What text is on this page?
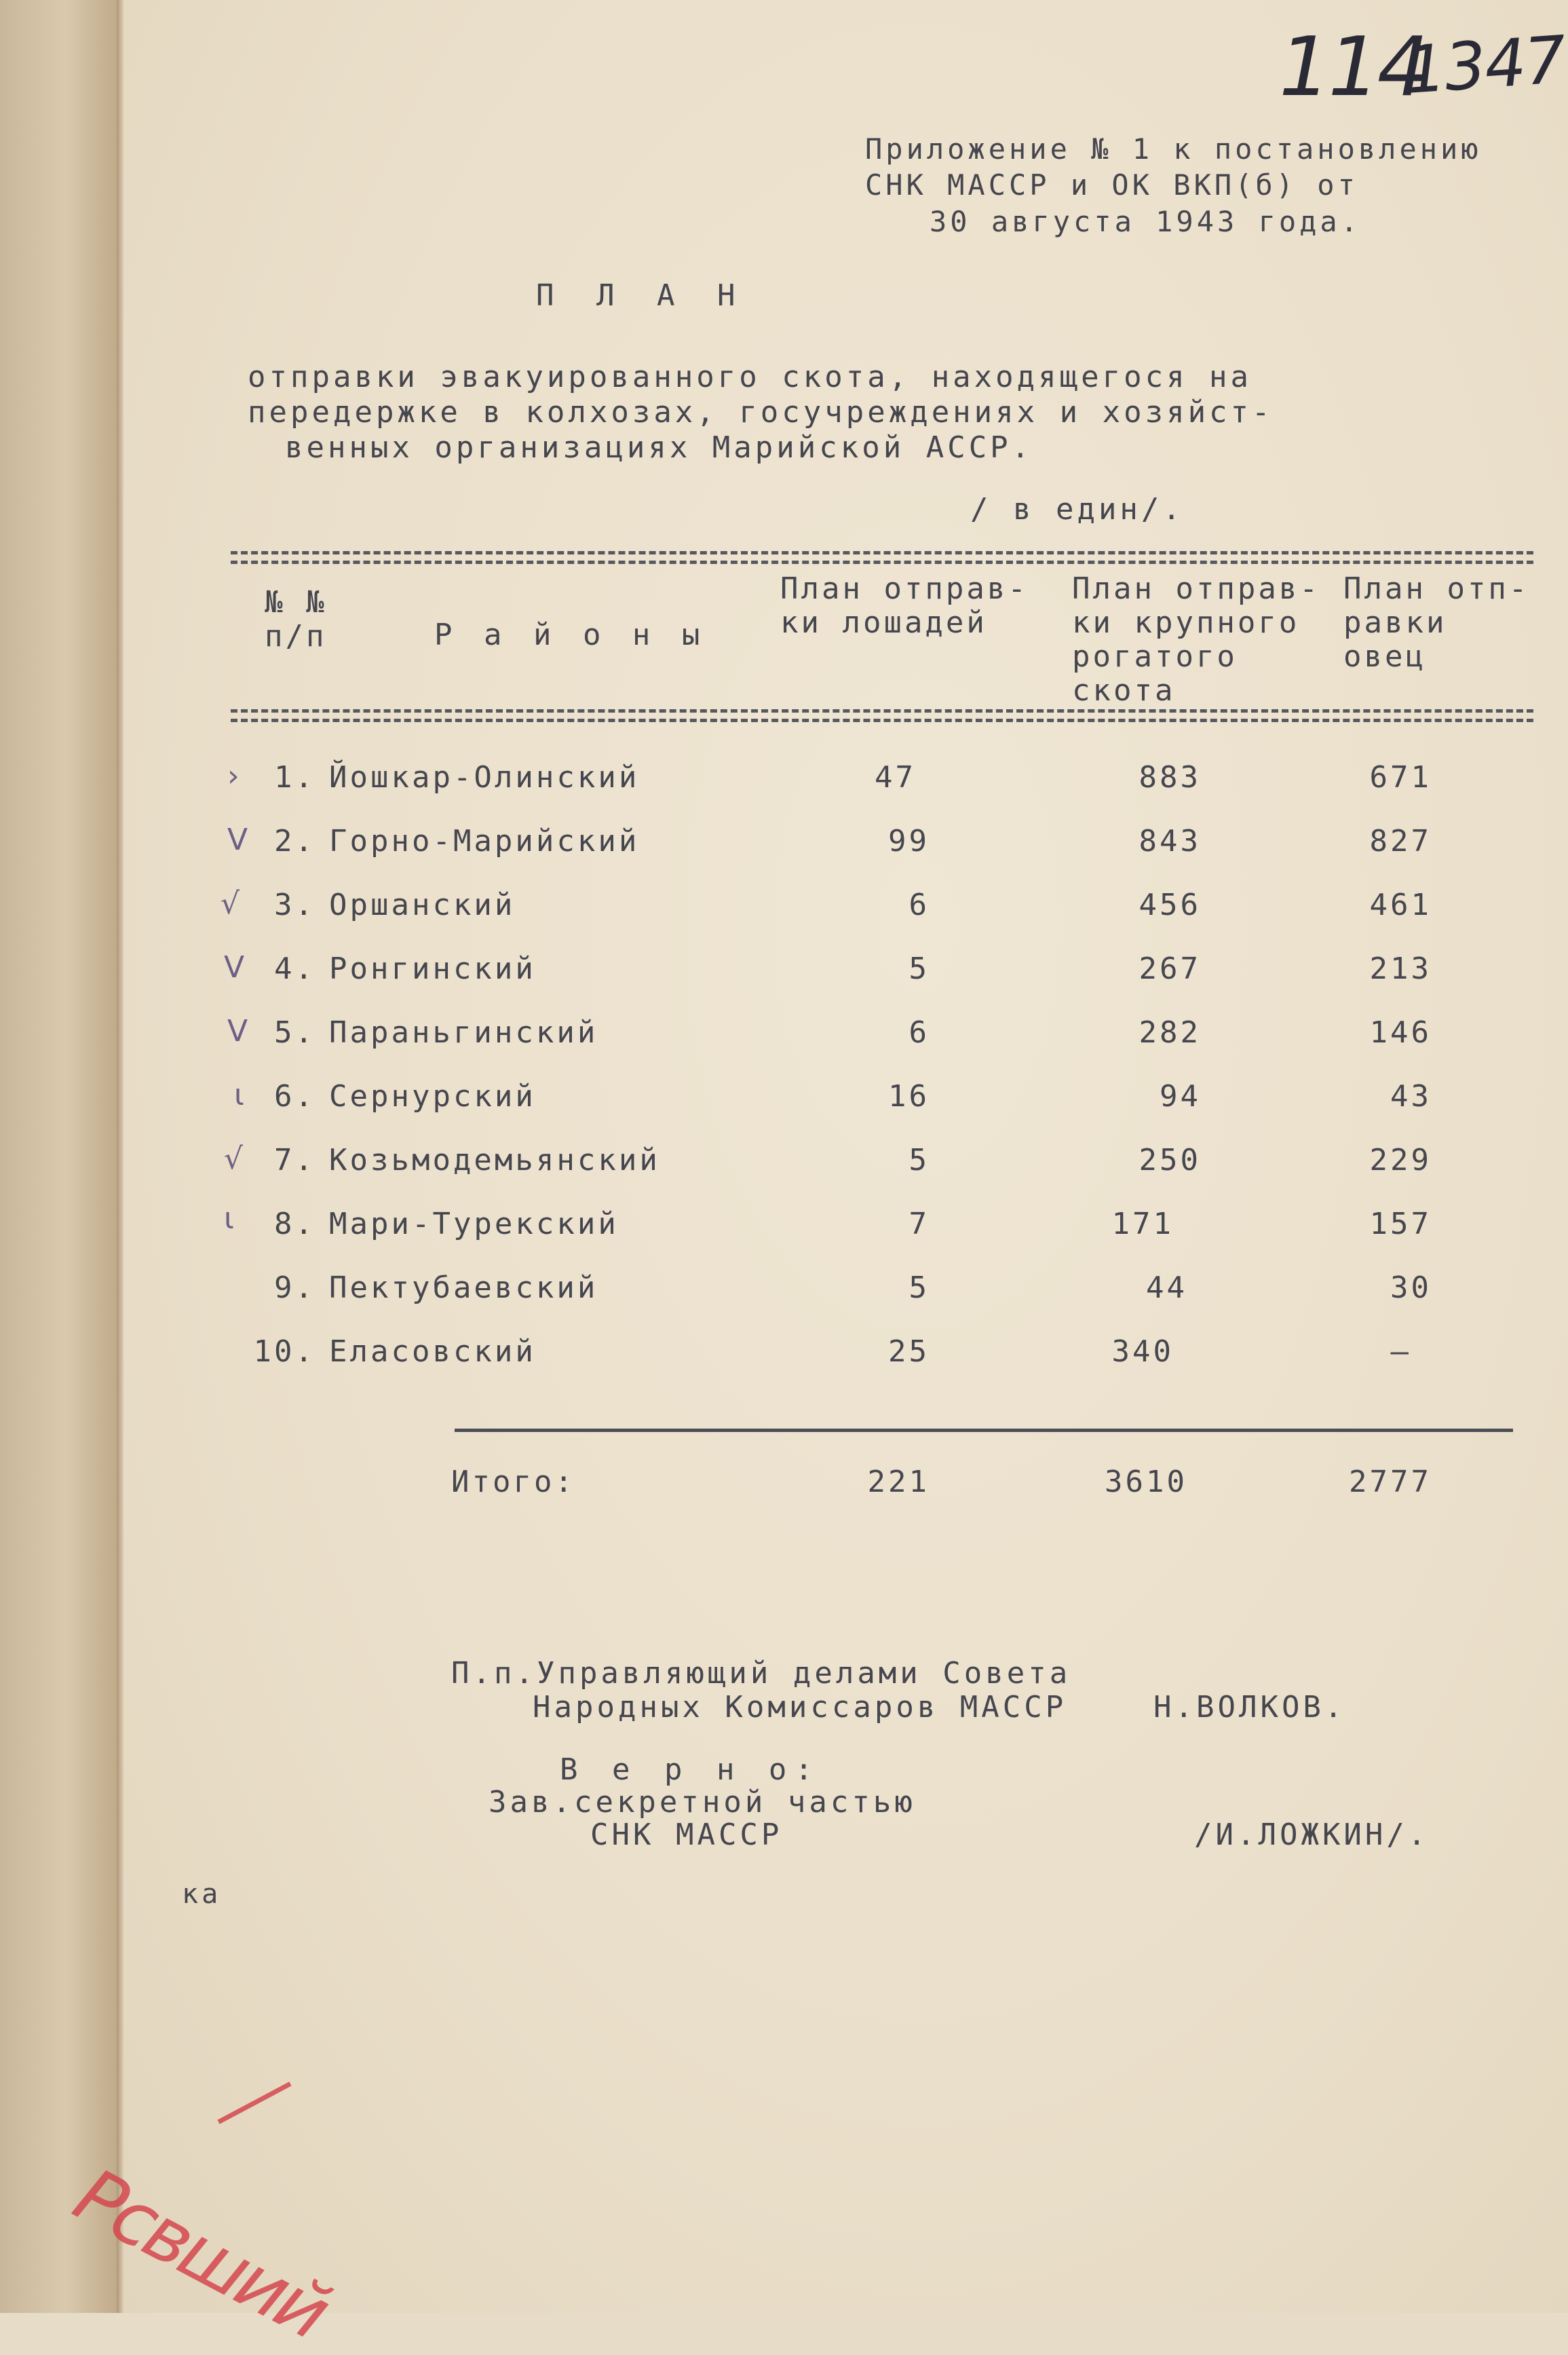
114
1347
Приложение № 1 к постановлению
СНК МАССР и ОК ВКП(б) от
30 августа 1943 года.
П Л А Н
отправки эвакуированного скота, находящегося на
передержке в колхозах, госучреждениях и хозяйст-
венных организациях Марийской АССР.
/ в един/.
№ №
п/п	Р а й о н ы
План отправ-
ки лошадей
План отправ-
ки крупного
рогатого
скота
План отп-
равки
овец
›	1. Йошкар-Олинский	47	883	671
V 2. Горно-Марийский	99	843	827
√	3. Оршанский	6	456	461
V 4. Ронгинский	5	267	213
V 5. Параньгинский	6	282	146
ι	6. Сернурский	16	94	43
√	7. Козьмодемьянский	5	250	229
ι	8. Мари-Турекский	7	171	157
9. Пектубаевский	5	44	30
10. Еласовский	25	340	—
Итого:	221	3610	2777
П.п.Управляющий делами Совета
Народных Комиссаров МАССР	Н.ВОЛКОВ.
В е р н о:
Зав.секретной частью
СНК МАССР	/И.ЛОЖКИН/.
ка
Рсвший
